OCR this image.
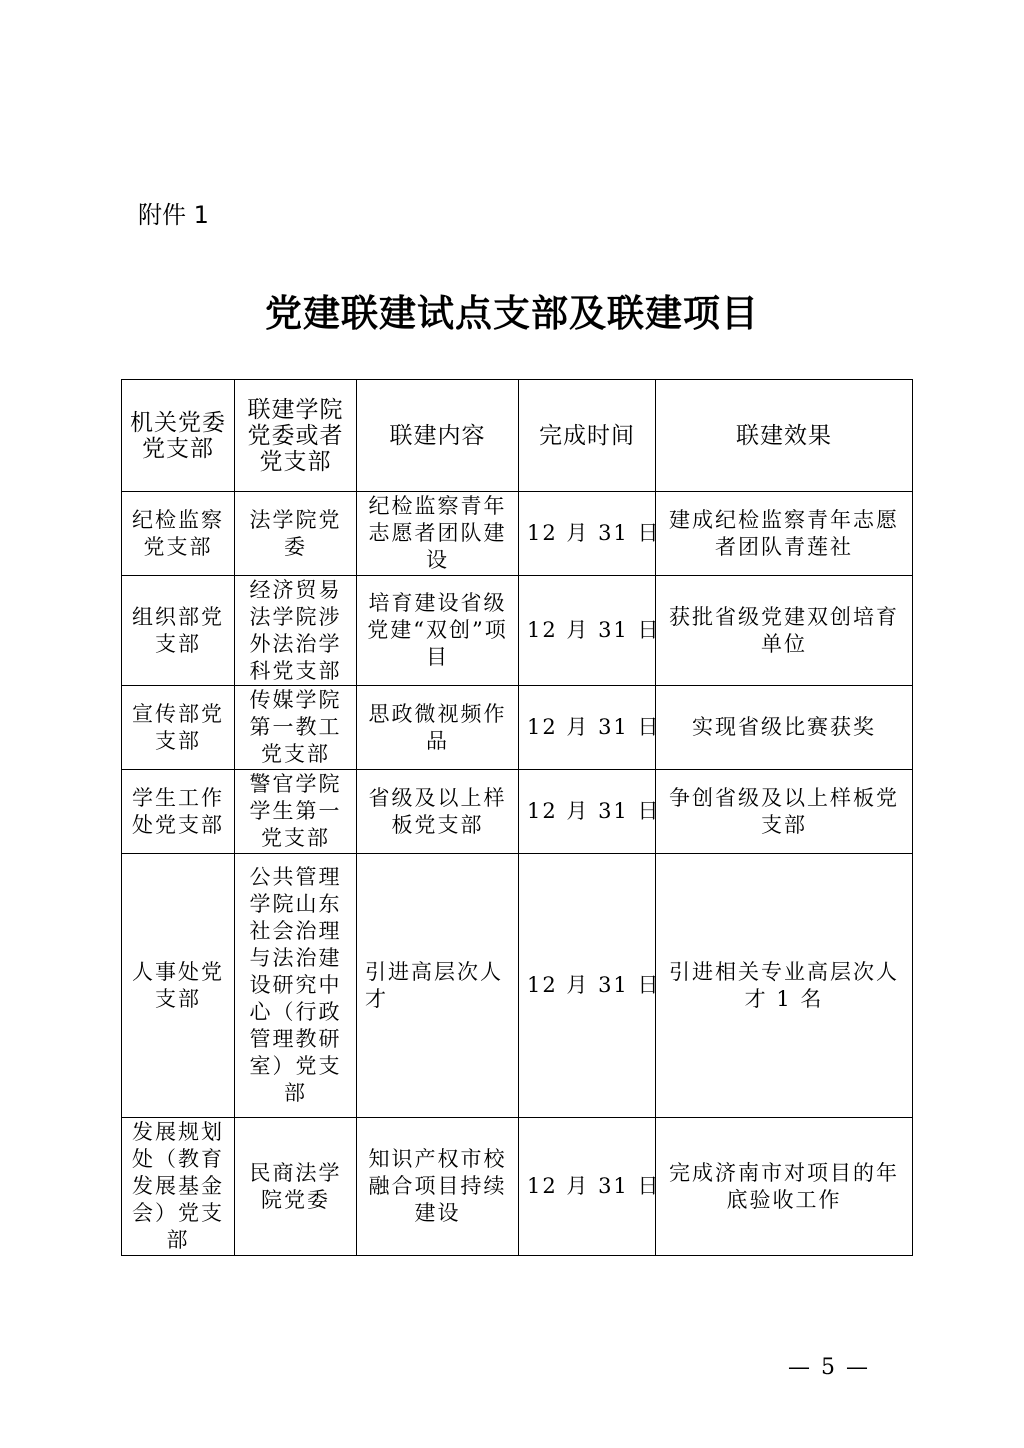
附件 1
党建联建试点支部及联建项目
机关党委党支部	联建学院党委或者党支部	联建内容	完成时间	联建效果
纪检监察党支部	法学院党委	纪检监察青年志愿者团队建设	12 月 31 日	建成纪检监察青年志愿者团队青莲社
组织部党支部	经济贸易法学院涉外法治学科党支部	培育建设省级党建“双创”项目	12 月 31 日	获批省级党建双创培育单位
宣传部党支部	传媒学院第一教工党支部	思政微视频作品	12 月 31 日	实现省级比赛获奖
学生工作处党支部	警官学院学生第一党支部	省级及以上样板党支部	12 月 31 日	争创省级及以上样板党支部
人事处党支部	公共管理学院山东社会治理与法治建设研究中心（行政管理教研室）党支部	引进高层次人才	12 月 31 日	引进相关专业高层次人才 1 名
发展规划处（教育发展基金会）党支部	民商法学院党委	知识产权市校融合项目持续建设	12 月 31 日	完成济南市对项目的年底验收工作
— 5 —
